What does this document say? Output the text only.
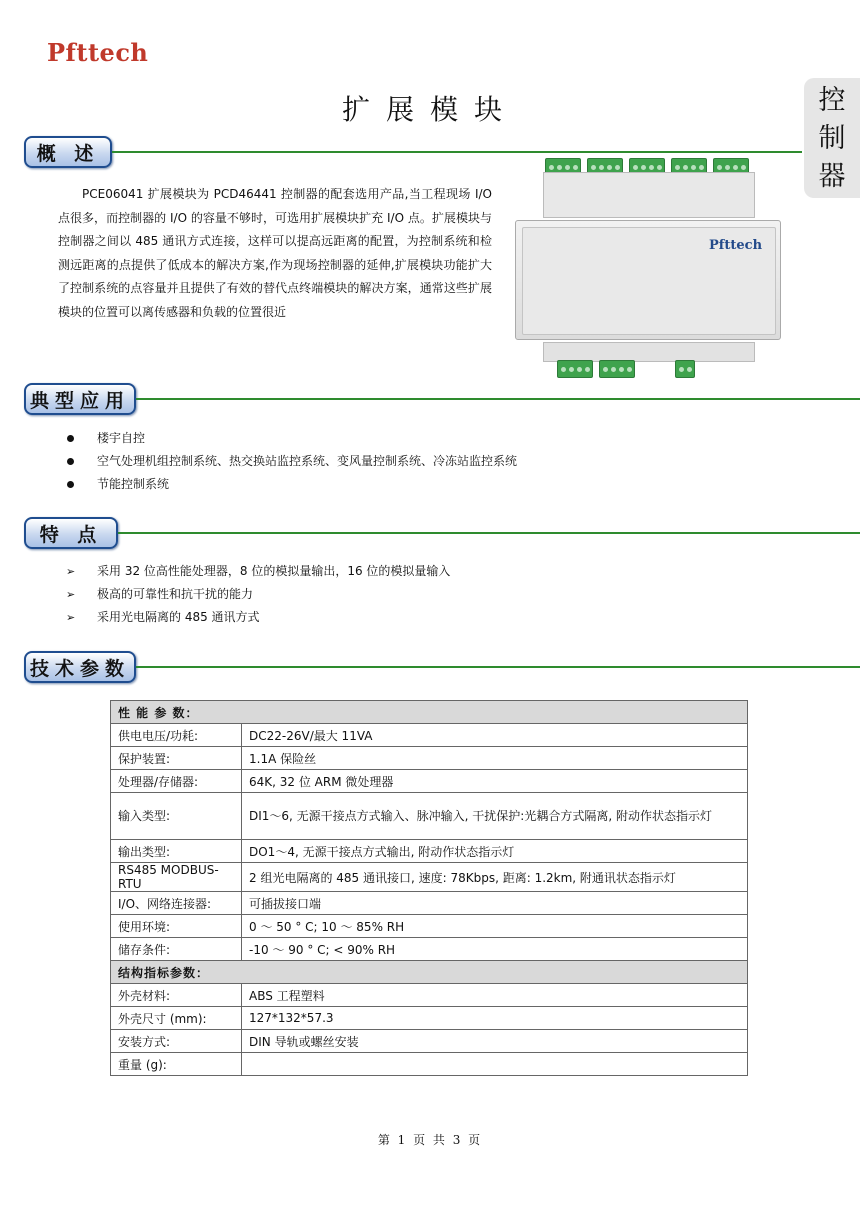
Pfttech
扩展模块	控
制
器
概 述

PCE06041 扩展模块为 PCD46441 控制器的配套选用产品,当工程现场 I/O 点很多，而控制器的 I/O 的容量不够时，可选用扩展模块扩充 I/O 点。扩展模块与控制器之间以 485 通讯方式连接，这样可以提高远距离的配置，为控制系统和检测远距离的点提供了低成本的解决方案,作为现场控制器的延伸,扩展模块功能扩大了控制系统的点容量并且提供了有效的替代点终端模块的解决方案，通常这些扩展模块的位置可以离传感器和负载的位置很近

Pfttech
典型应用
楼宇自控
空气处理机组控制系统、热交换站监控系统、变风量控制系统、冷冻站监控系统
节能控制系统
特 点
➢	采用 32 位高性能处理器，8 位的模拟量输出，16 位的模拟量输入
➢	极高的可靠性和抗干扰的能力
➢	采用光电隔离的 485 通讯方式
技术参数
性 能 参 数：	
供电电压/功耗:	DC22-26V/最大 11VA
保护装置:	1.1A 保险丝
处理器/存储器:	64K, 32 位 ARM 微处理器
输入类型:	DI1～6, 无源干接点方式输入、脉冲输入, 干扰保护:光耦合方式隔离, 附动作状态指示灯
输出类型:	DO1～4, 无源干接点方式输出, 附动作状态指示灯
RS485 MODBUS-RTU	2 组光电隔离的 485 通讯接口, 速度: 78Kbps, 距离: 1.2km, 附通讯状态指示灯
I/O、网络连接器:	可插拔接口端
使用环境:	0 ～ 50 ° C; 10 ～ 85% RH
储存条件:	-10 ～ 90 ° C; < 90% RH
结构指标参数：	
外壳材料:	ABS 工程塑料
外壳尺寸 (mm):	127*132*57.3
安装方式:	DIN 导轨或螺丝安装
重量 (g):	
第 1 页 共 3 页
